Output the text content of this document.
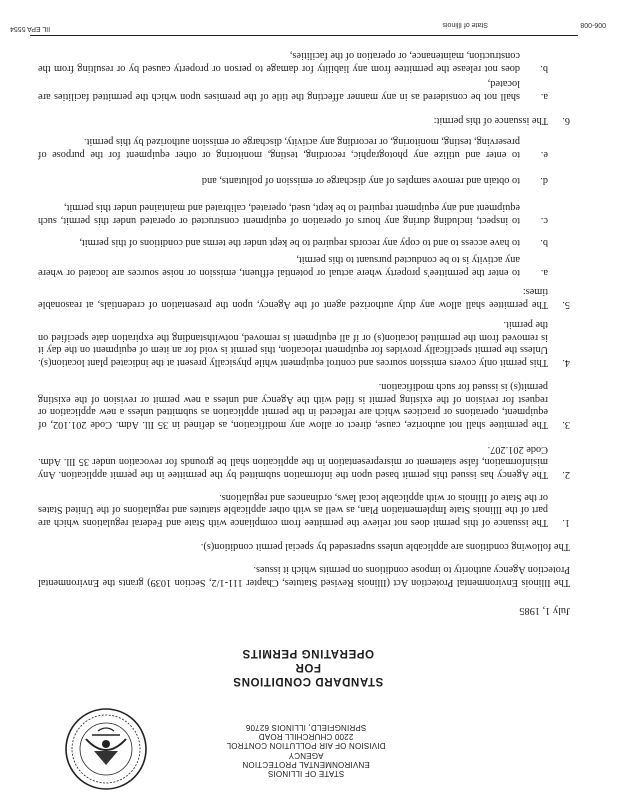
IIL EPA 5554
State of Illinois	006-008
STATE OF ILLINOIS
ENVIRONMENTAL PROTECTION AGENCY
DIVISION OF AIR POLLUTION CONTROL
2200 CHURCHILL ROAD
SPRINGFIELD, ILLINOIS 62706
STANDARD CONDITIONS
FOR
OPERATING PERMITS
July 1, 1985
The Illinois Environmental Protection Act (Illinois Revised Statutes, Chapter 111-1/2, Section 1039) grants the Environmental Protection Agency authority to impose conditions on permits which it issues.
The following conditions are applicable unless superseded by special permit condition(s).
1.
The issuance of this permit does not relieve the permittee from compliance with State and Federal regulations which are part of the Illinois State Implementation Plan, as well as with other applicable statutes and regulations of the United States or the State of Illinois or with applicable local laws, ordinances and regulations.
2.
The Agency has issued this permit based upon the information submitted by the permittee in the permit application. Any misinformation, false statement or misrepresentation in the application shall be grounds for revocation under 35 Ill. Adm. Code 201.207.
3.
The permittee shall not authorize, cause, direct or allow any modification, as defined in 35 Ill. Adm. Code 201.102, of equipment, operations or practices which are reflected in the permit application as submitted unless a new application or request for revision of the existing permit is filed with the Agency and unless a new permit or revision of the existing permit(s) is issued for such modification.
4.
This permit only covers emission sources and control equipment while physically present at the indicated plant location(s). Unless the permit specifically provides for equipment relocation, this permit is void for an item of equipment on the day it is removed from the permitted location(s) or if all equipment is removed, notwithstanding the expiration date specified on the permit.
5.
The permittee shall allow any duly authorized agent of the Agency, upon the presentation of credentials, at reasonable times:
a.
to enter the permittee's property where actual or potential effluent, emission or noise sources are located or where any activity is to be conducted pursuant to this permit,
b.
to have access to and to copy any records required to be kept under the terms and conditions of this permit,
c.
to inspect, including during any hours of operation of equipment constructed or operated under this permit, such equipment and any equipment required to be kept, used, operated, calibrated and maintained under this permit,
d.
to obtain and remove samples of any discharge or emission of pollutants, and
e.
to enter and utilize any photographic, recording, testing, monitoring or other equipment for the purpose of preserving, testing, monitoring, or recording any activity, discharge or emission authorized by this permit.
6.
The issuance of this permit:
a.
shall not be considered as in any manner affecting the title of the premises upon which the permitted facilities are located,
b.
does not release the permittee from any liability for damage to person or property caused by or resulting from the construction, maintenance, or operation of the facilities,
